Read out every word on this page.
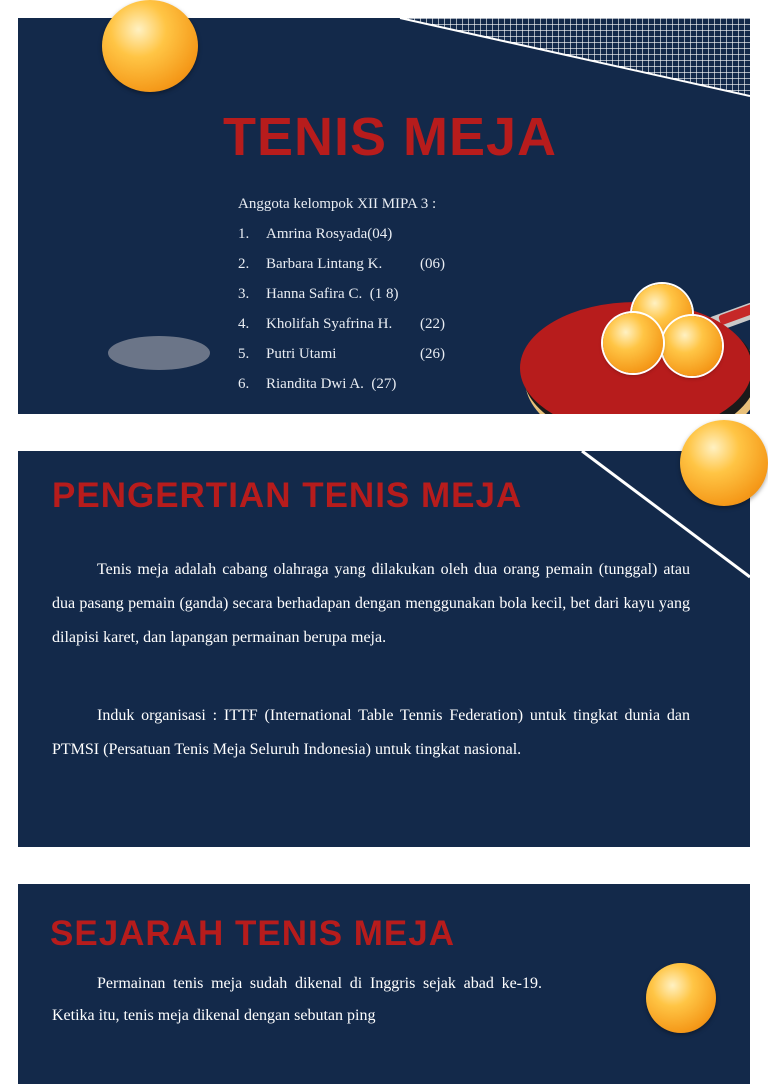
TENIS MEJA
Anggota kelompok XII MIPA 3 :
1.	Amrina Rosyada(04)
2.	Barbara Lintang K.	(06)
3.	Hanna Safira C.  (1 8)
4.	Kholifah Syafrina H. (22)
5.	Putri Utami	(26)
6.	Riandita Dwi A.  (27)
PENGERTIAN TENIS MEJA

Tenis meja adalah cabang olahraga yang dilakukan oleh dua orang pemain (tunggal) atau dua pasang pemain (ganda) secara berhadapan dengan menggunakan bola kecil, bet dari kayu yang dilapisi karet, dan lapangan permainan berupa meja.

Induk organisasi : ITTF (International Table Tennis Federation) untuk tingkat dunia dan PTMSI (Persatuan Tenis Meja Seluruh Indonesia) untuk tingkat nasional.

SEJARAH TENIS MEJA

Permainan tenis meja sudah dikenal di Inggris sejak abad ke-19. Ketika itu, tenis meja dikenal dengan sebutan ping
